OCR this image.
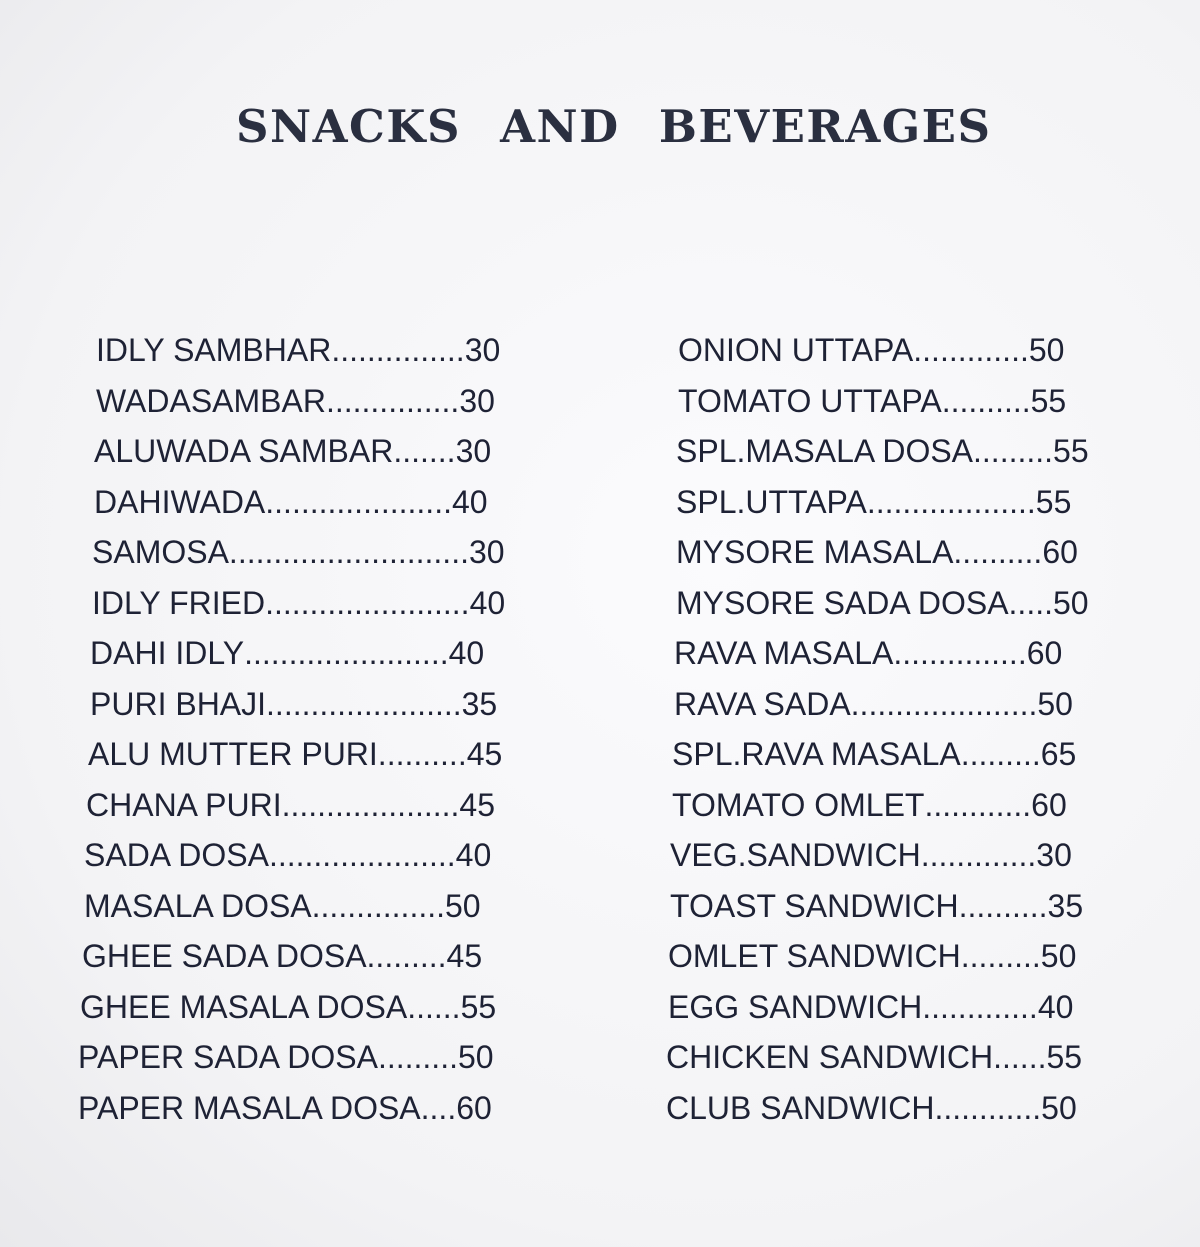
SNACKS AND BEVERAGES
IDLY SAMBHAR...............30
WADASAMBAR...............30
ALUWADA SAMBAR.......30
DAHIWADA.....................40
SAMOSA...........................30
IDLY FRIED.......................40
DAHI IDLY.......................40
PURI BHAJI......................35
ALU MUTTER PURI..........45
CHANA PURI....................45
SADA DOSA.....................40
MASALA DOSA...............50
GHEE SADA DOSA.........45
GHEE MASALA DOSA......55
PAPER SADA DOSA.........50
PAPER MASALA DOSA....60
ONION UTTAPA.............50
TOMATO UTTAPA..........55
SPL.MASALA DOSA.........55
SPL.UTTAPA...................55
MYSORE MASALA..........60
MYSORE SADA DOSA.....50
RAVA MASALA...............60
RAVA SADA.....................50
SPL.RAVA MASALA.........65
TOMATO OMLET............60
VEG.SANDWICH.............30
TOAST SANDWICH..........35
OMLET SANDWICH.........50
EGG SANDWICH.............40
CHICKEN SANDWICH......55
CLUB SANDWICH............50
